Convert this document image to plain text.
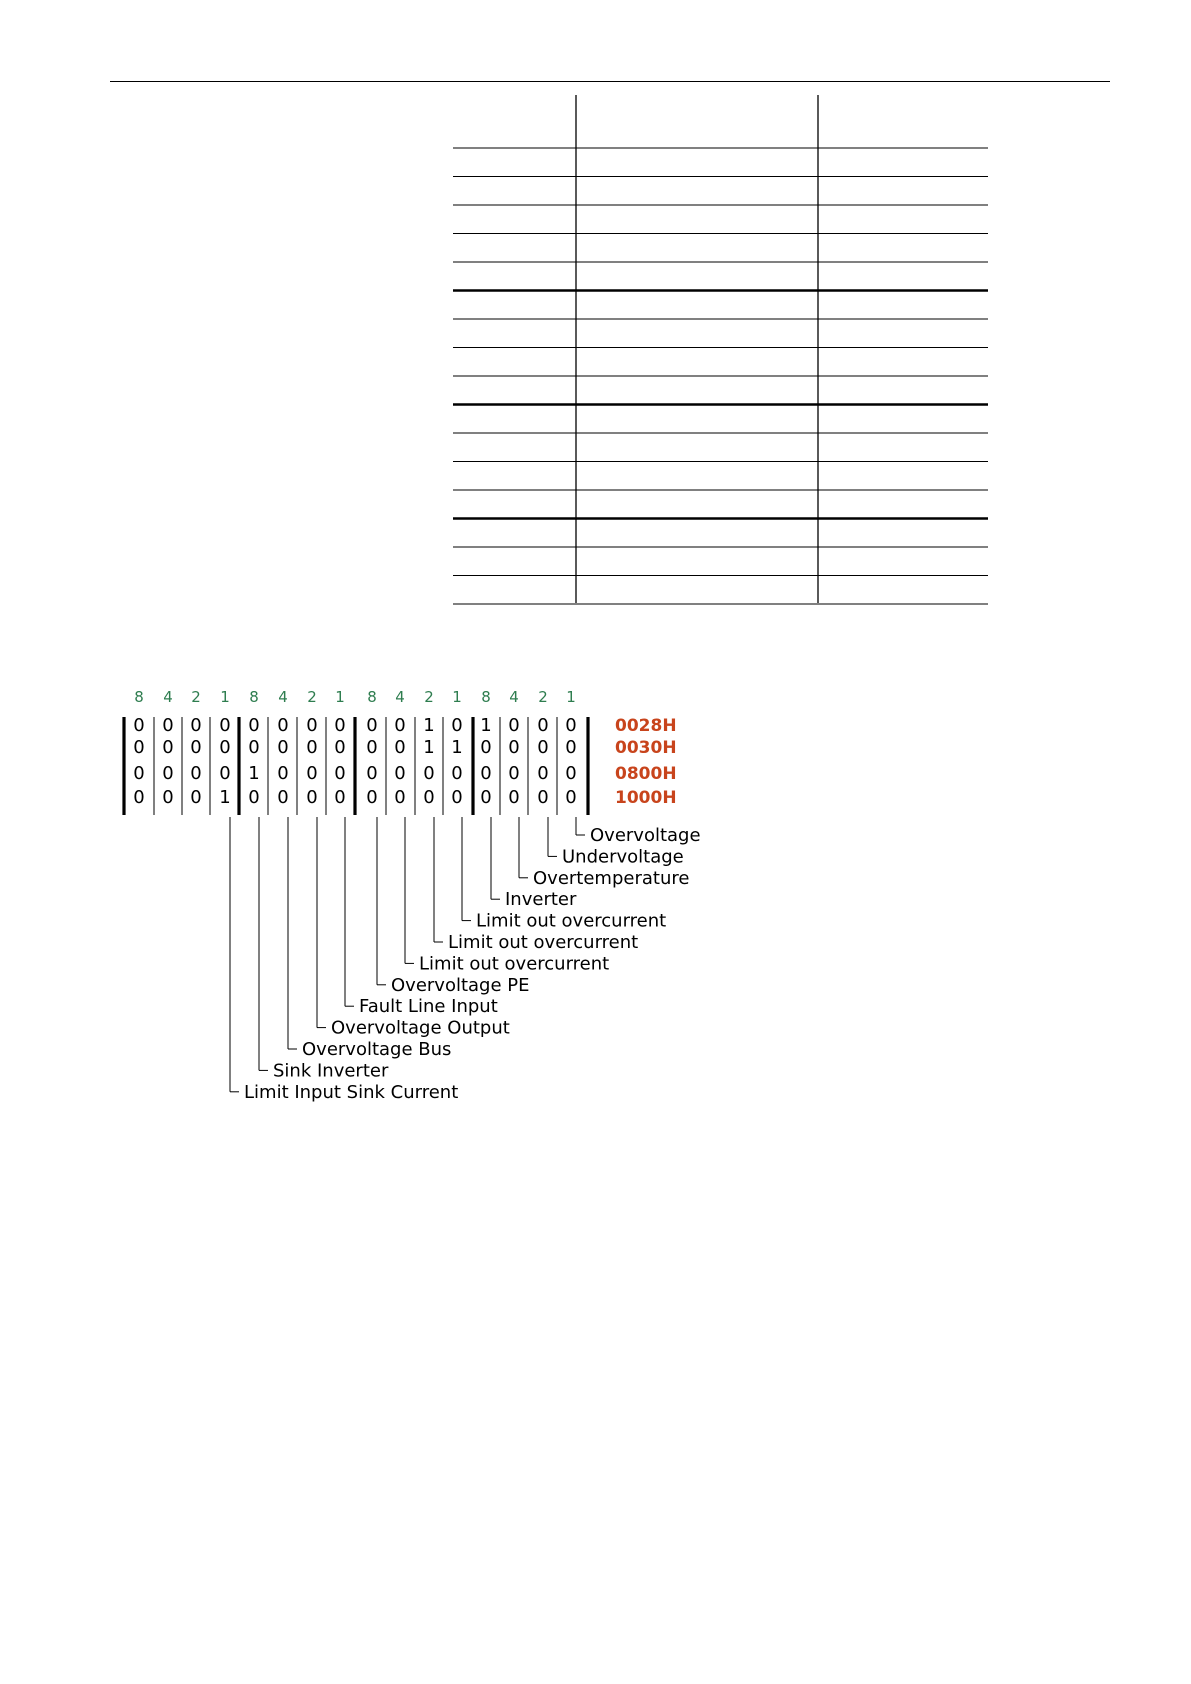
8 4 2 1 8 4 2 1 8 4 2 1 8 4 2 1
0 0 0 0 0 0 0 0 0 0 1 0 1 0 0 0
0 0 0 0 0 0 0 0 0 0 1 1 0 0 0 0
0 0 0 0 1 0 0 0 0 0 0 0 0 0 0 0
0 0 0 1 0 0 0 0 0 0 0 0 0 0 0 0
0028H
0030H
0800H
1000H
Overvoltage
Undervoltage
Overtemperature
Inverter
Limit out overcurrent
Limit out overcurrent
Limit out overcurrent
Overvoltage PE
Fault Line Input
Overvoltage Output
Overvoltage Bus
Sink Inverter
Limit Input Sink Current
